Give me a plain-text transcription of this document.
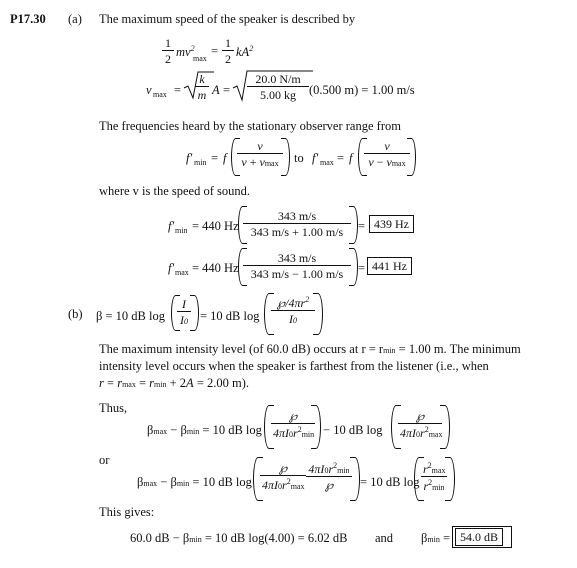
P17.30 (a) The maximum speed of the speaker is described by
$\frac{1}{2} mv^2$
max
= $\frac{1}{2} kA^2$
v $\max = \frac{k}{m}$ $A = \frac{20.0 N/m}{5.00 kg} (0.500$ m) = 1.00 m/s
The frequencies heard by the stationary observer range from
f′ min = f
v
v + vmax	to f′ max = f
v
v − vmax
where v is the speed of sound.
f′ min = 440 Hz $\frac{343 m/s}{343 m/s + 1.00 m/s} = 439$ Hz
f′ max = 440 Hz $\frac{343 m/s}{343 m/s - 1.00 m/s} = 441$ Hz
(b) β = 10 dB $\log \frac{I}{I0} = 10$ dB $\log \frac{℘/4\pi r^2}{I0}$
The maximum intensity level (of 60.0 dB) occurs at r = rmin = 1.00 m. The minimum
intensity level occurs when the speaker is farthest from the listener (i.e., when
r = rmax = rmin + 2A = 2.00 m).
Thus,
βmax − βmin = 10 dB log
℘
$4\pi I0r^2\min - 10$ dB log
℘
$4\pi I0r^2\max$
or
βmax − βmin = 10 dB log
℘
$4\pi I0r^2\max$
$4\pi I0r^2\min$
℘	= 10 dB log
$r^2\max$
$r^2\min$
This gives:
60.0 dB − βmin = 10 dB log(4.00) = 6.02 dB and βmin = 54.0 dB
